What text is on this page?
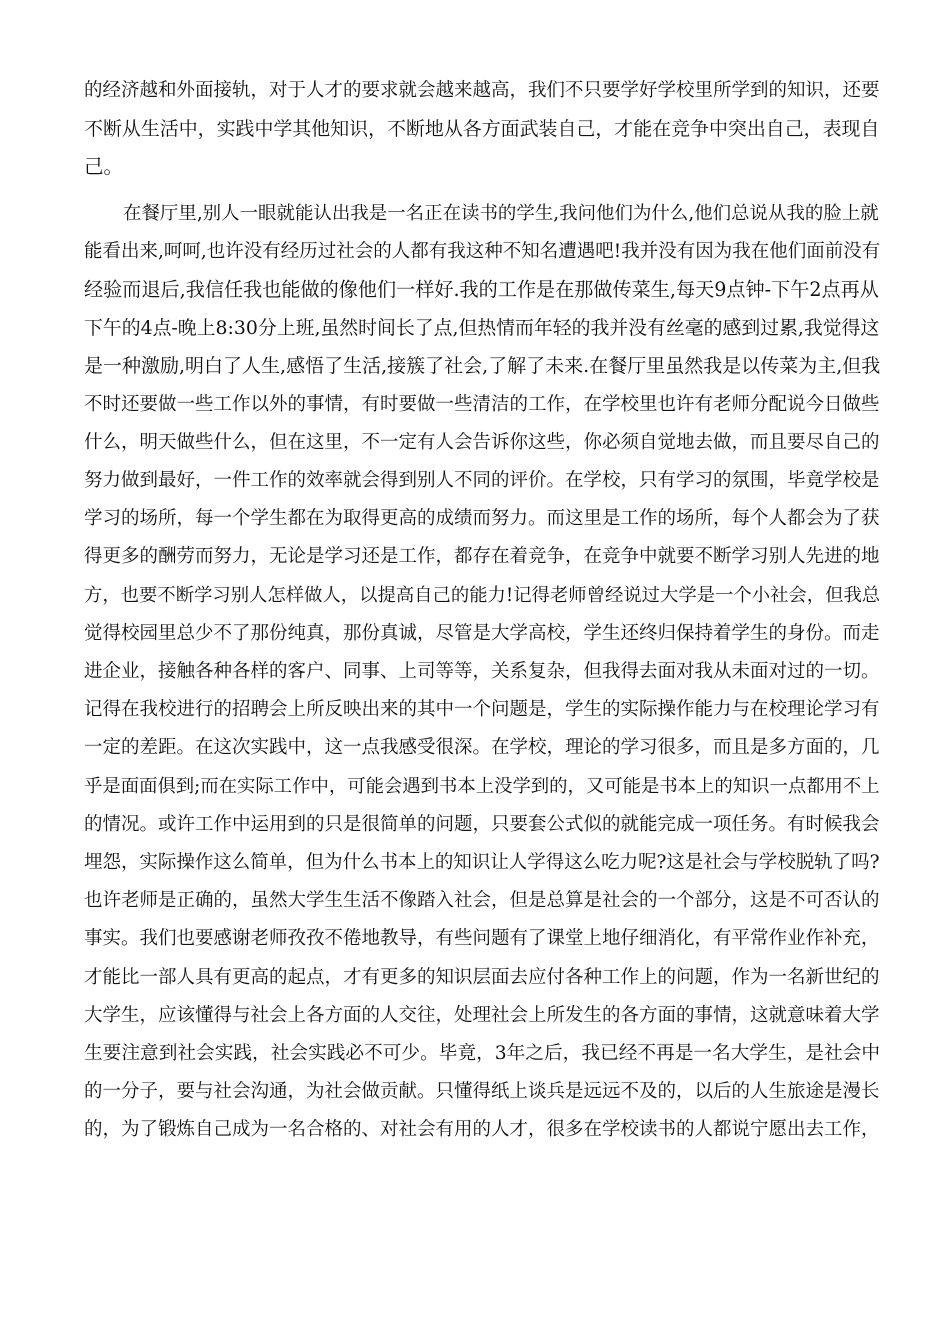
的经济越和外面接轨，对于人才的要求就会越来越高，我们不只要学好学校里所学到的知识，还要
不断从生活中，实践中学其他知识，不断地从各方面武装自己，才能在竞争中突出自己，表现自
己。
在餐厅里,别人一眼就能认出我是一名正在读书的学生,我问他们为什么,他们总说从我的脸上就
能看出来,呵呵,也许没有经历过社会的人都有我这种不知名遭遇吧!我并没有因为我在他们面前没有
经验而退后,我信任我也能做的像他们一样好.我的工作是在那做传菜生,每天9点钟-下午2点再从
下午的4点-晚上8:30分上班,虽然时间长了点,但热情而年轻的我并没有丝毫的感到过累,我觉得这
是一种激励,明白了人生,感悟了生活,接簇了社会,了解了未来.在餐厅里虽然我是以传菜为主,但我
不时还要做一些工作以外的事情，有时要做一些清洁的工作，在学校里也许有老师分配说今日做些
什么，明天做些什么，但在这里，不一定有人会告诉你这些，你必须自觉地去做，而且要尽自己的
努力做到最好，一件工作的效率就会得到别人不同的评价。在学校，只有学习的氛围，毕竟学校是
学习的场所，每一个学生都在为取得更高的成绩而努力。而这里是工作的场所，每个人都会为了获
得更多的酬劳而努力，无论是学习还是工作，都存在着竞争，在竞争中就要不断学习别人先进的地
方，也要不断学习别人怎样做人，以提高自己的能力!记得老师曾经说过大学是一个小社会，但我总
觉得校园里总少不了那份纯真，那份真诚，尽管是大学高校，学生还终归保持着学生的身份。而走
进企业，接触各种各样的客户、同事、上司等等，关系复杂，但我得去面对我从未面对过的一切。
记得在我校进行的招聘会上所反映出来的其中一个问题是，学生的实际操作能力与在校理论学习有
一定的差距。在这次实践中，这一点我感受很深。在学校，理论的学习很多，而且是多方面的，几
乎是面面俱到;而在实际工作中，可能会遇到书本上没学到的，又可能是书本上的知识一点都用不上
的情况。或许工作中运用到的只是很简单的问题，只要套公式似的就能完成一项任务。有时候我会
埋怨，实际操作这么简单，但为什么书本上的知识让人学得这么吃力呢?这是社会与学校脱轨了吗?
也许老师是正确的，虽然大学生生活不像踏入社会，但是总算是社会的一个部分，这是不可否认的
事实。我们也要感谢老师孜孜不倦地教导，有些问题有了课堂上地仔细消化，有平常作业作补充，
才能比一部人具有更高的起点，才有更多的知识层面去应付各种工作上的问题，作为一名新世纪的
大学生，应该懂得与社会上各方面的人交往，处理社会上所发生的各方面的事情，这就意味着大学
生要注意到社会实践，社会实践必不可少。毕竟，3年之后，我已经不再是一名大学生，是社会中
的一分子，要与社会沟通，为社会做贡献。只懂得纸上谈兵是远远不及的，以后的人生旅途是漫长
的，为了锻炼自己成为一名合格的、对社会有用的人才，很多在学校读书的人都说宁愿出去工作，
